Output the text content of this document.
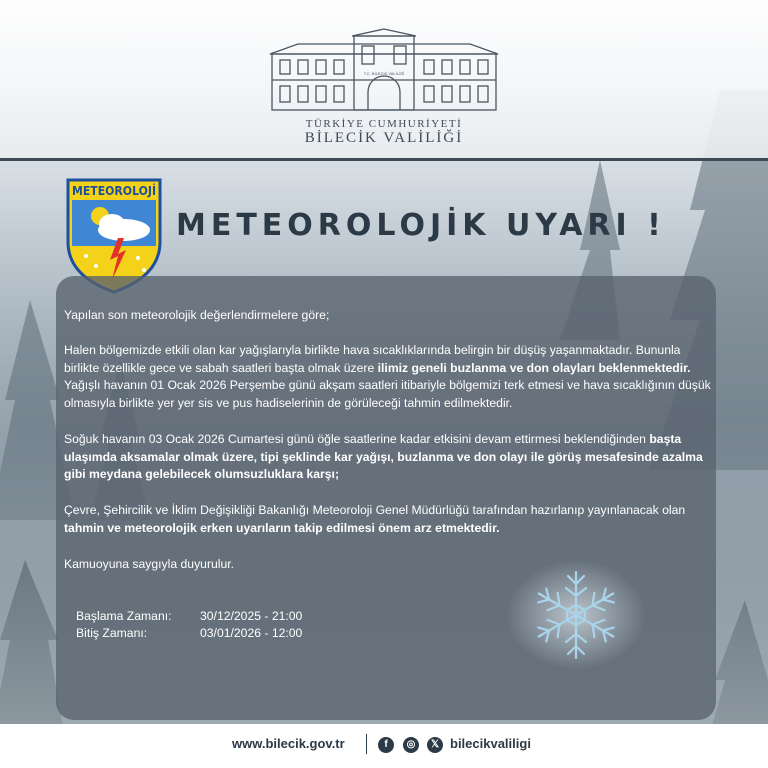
T.C. BİLECİK VALİLİĞİ
TÜRKİYE CUMHURİYETİ
BİLECİK VALİLİĞİ
METEOROLOJİ
METEOROLOJİK UYARI !

Yapılan son meteorolojik değerlendirmelere göre;

Halen bölgemizde etkili olan kar yağışlarıyla birlikte hava sıcaklıklarında belirgin bir düşüş yaşanmaktadır. Bununla birlikte özellikle gece ve sabah saatleri başta olmak üzere ilimiz geneli buzlanma ve don olayları beklenmektedir. Yağışlı havanın 01 Ocak 2026 Perşembe günü akşam saatleri itibariyle bölgemizi terk etmesi ve hava sıcaklığının düşük olmasıyla birlikte yer yer sis ve pus hadiselerinin de görüleceği tahmin edilmektedir.

Soğuk havanın 03 Ocak 2026 Cumartesi günü öğle saatlerine kadar etkisini devam ettirmesi beklendiğinden başta ulaşımda aksamalar olmak üzere, tipi şeklinde kar yağışı, buzlanma ve don olayı ile görüş mesafesinde azalma gibi meydana gelebilecek olumsuzluklara karşı;

Çevre, Şehircilik ve İklim Değişikliği Bakanlığı Meteoroloji Genel Müdürlüğü tarafından hazırlanıp yayınlanacak olan tahmin ve meteorolojik erken uyarıların takip edilmesi önem arz etmektedir.

Kamuoyuna saygıyla duyurulur.

Başlama Zamanı:	30/12/2025 - 21:00
Bitiş Zamanı:	03/01/2026 - 12:00
www.bilecik.gov.tr	f	◎	𝕏 bilecikvaliligi
